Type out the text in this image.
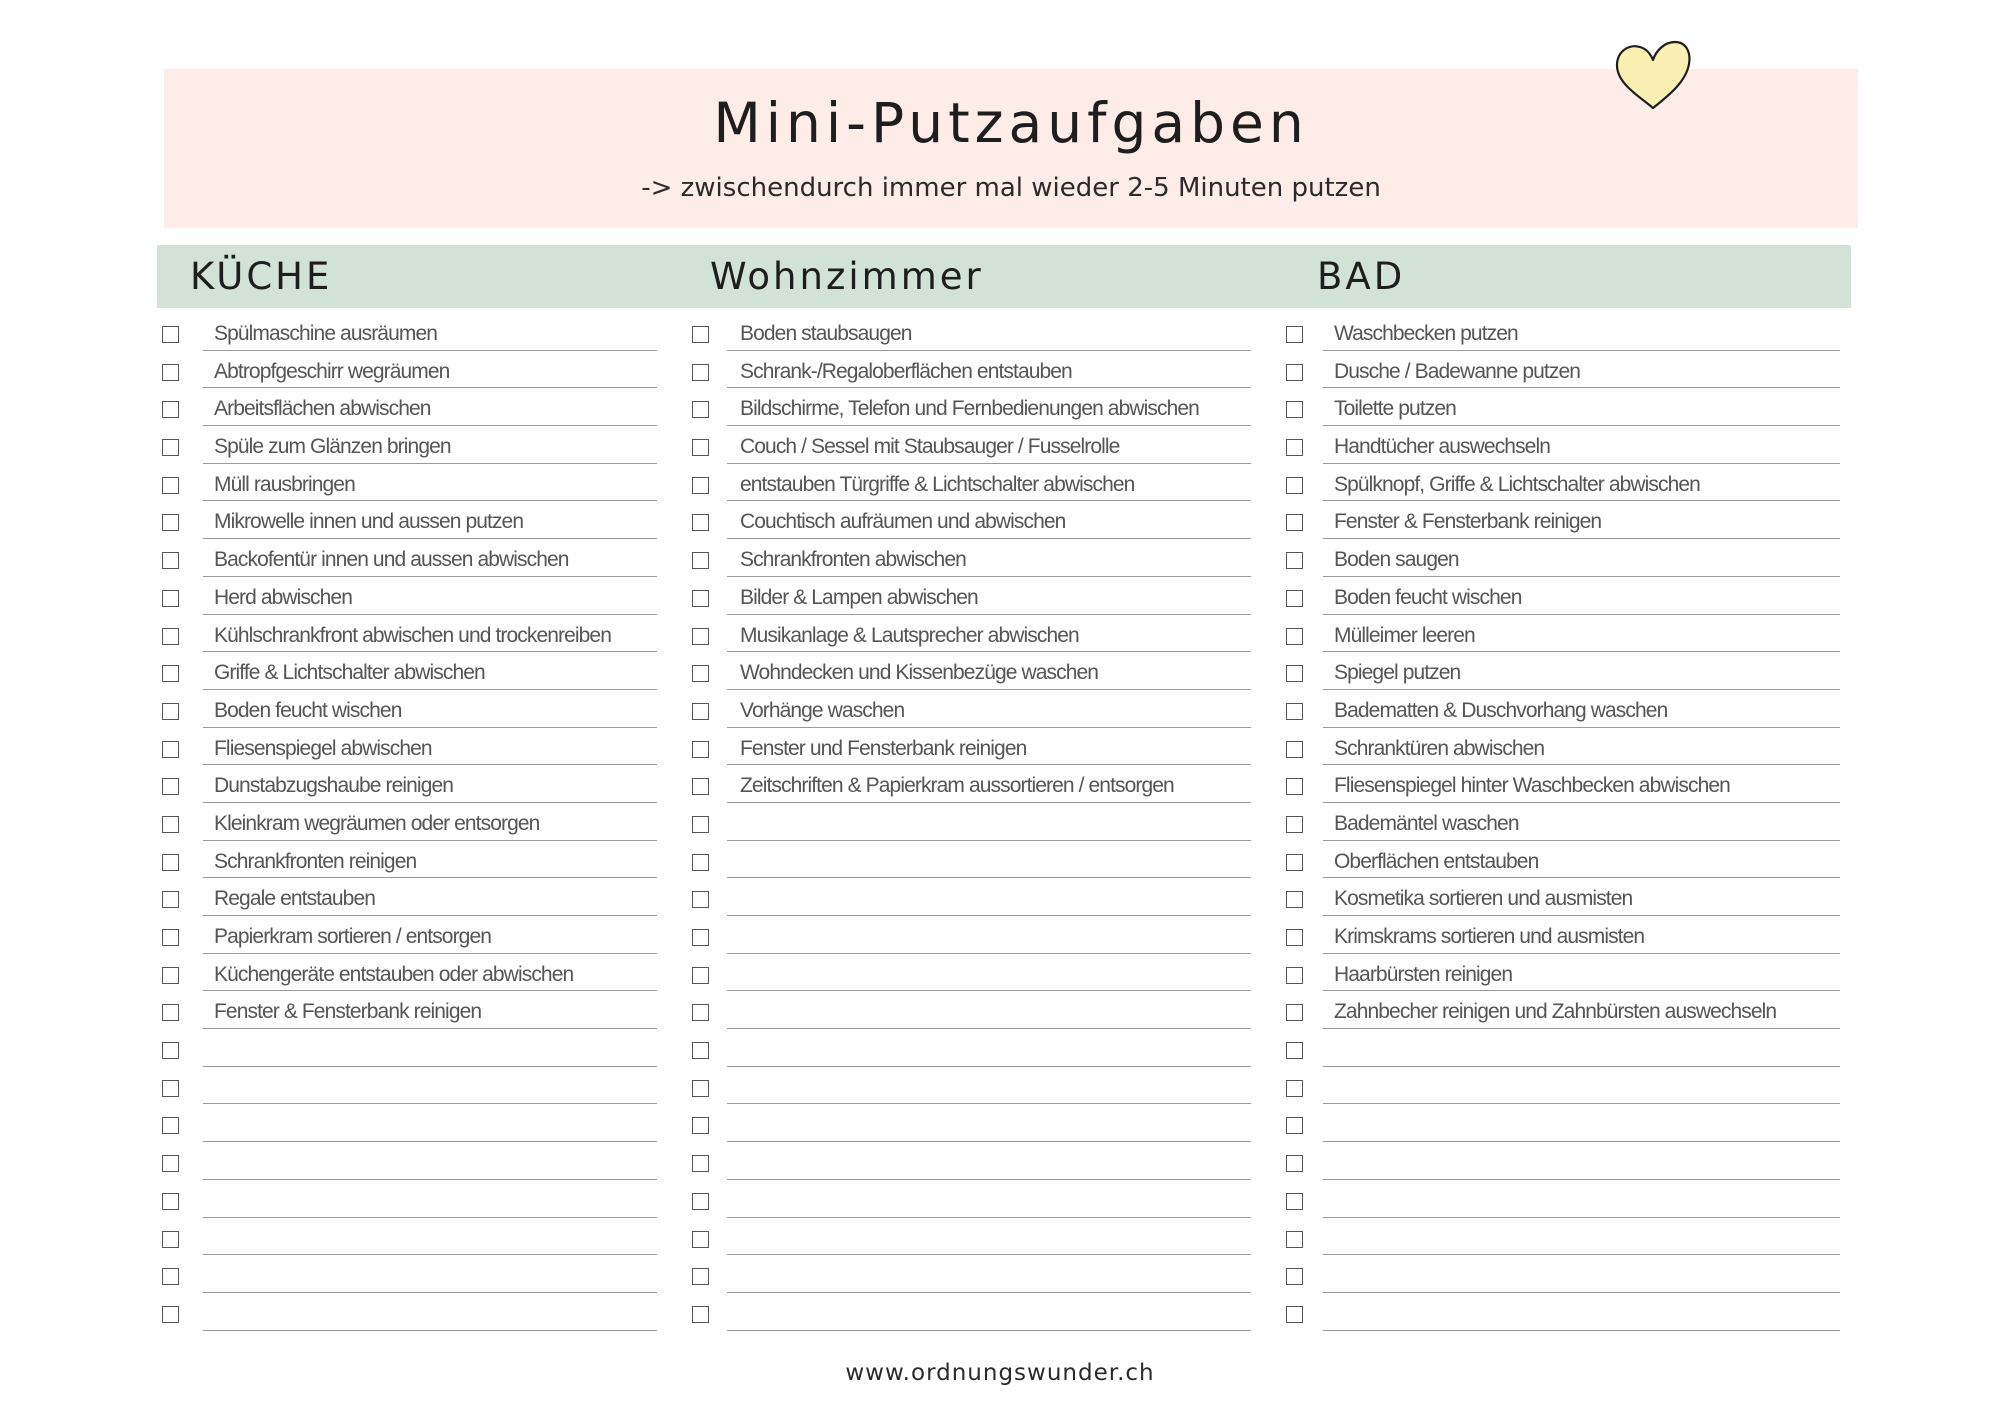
Mini-Putzaufgaben
-> zwischendurch immer mal wieder 2-5 Minuten putzen
KÜCHE	Wohnzimmer	BAD
Spülmaschine ausräumen
Abtropfgeschirr wegräumen
Arbeitsflächen abwischen
Spüle zum Glänzen bringen
Müll rausbringen
Mikrowelle innen und aussen putzen
Backofentür innen und aussen abwischen
Herd abwischen
Kühlschrankfront abwischen und trockenreiben
Griffe & Lichtschalter abwischen
Boden feucht wischen
Fliesenspiegel abwischen
Dunstabzugshaube reinigen
Kleinkram wegräumen oder entsorgen
Schrankfronten reinigen
Regale entstauben
Papierkram sortieren / entsorgen
Küchengeräte entstauben oder abwischen
Fenster & Fensterbank reinigen
Boden staubsaugen
Schrank-/Regaloberflächen entstauben
Bildschirme, Telefon und Fernbedienungen abwischen
Couch / Sessel mit Staubsauger / Fusselrolle
entstauben Türgriffe & Lichtschalter abwischen
Couchtisch aufräumen und abwischen
Schrankfronten abwischen
Bilder & Lampen abwischen
Musikanlage & Lautsprecher abwischen
Wohndecken und Kissenbezüge waschen
Vorhänge waschen
Fenster und Fensterbank reinigen
Zeitschriften & Papierkram aussortieren / entsorgen
Waschbecken putzen
Dusche / Badewanne putzen
Toilette putzen
Handtücher auswechseln
Spülknopf, Griffe & Lichtschalter abwischen
Fenster & Fensterbank reinigen
Boden saugen
Boden feucht wischen
Mülleimer leeren
Spiegel putzen
Badematten & Duschvorhang waschen
Schranktüren abwischen
Fliesenspiegel hinter Waschbecken abwischen
Bademäntel waschen
Oberflächen entstauben
Kosmetika sortieren und ausmisten
Krimskrams sortieren und ausmisten
Haarbürsten reinigen
Zahnbecher reinigen und Zahnbürsten auswechseln
www.ordnungswunder.ch
